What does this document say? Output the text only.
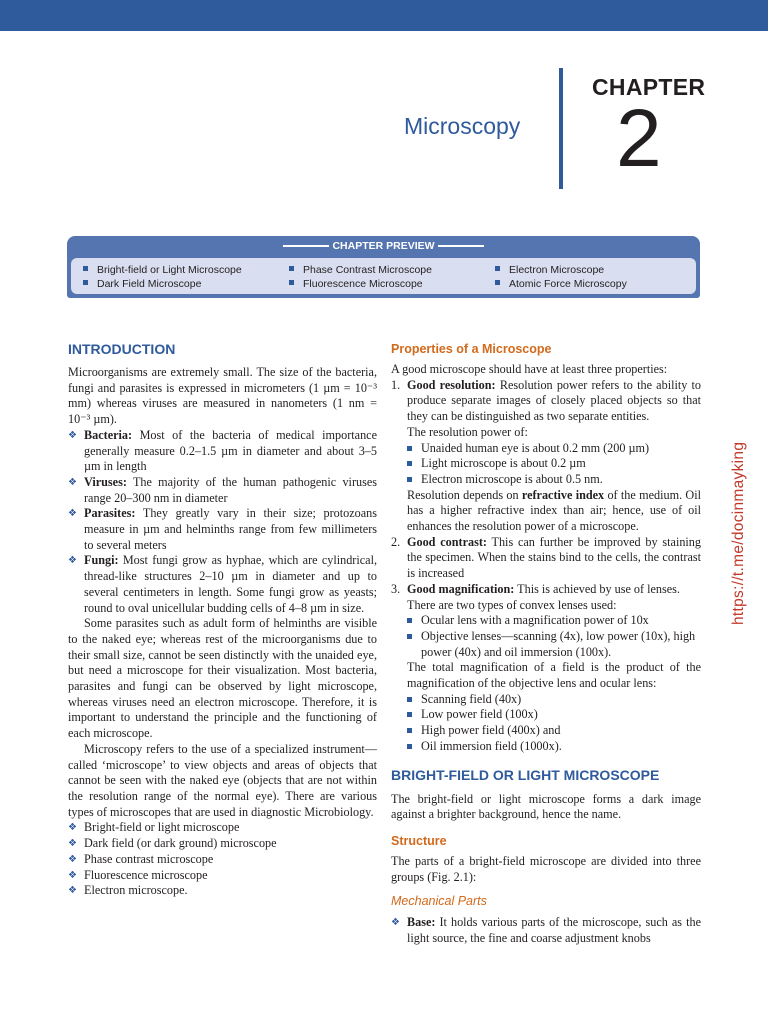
Microscopy
CHAPTER
2
CHAPTER PREVIEW
Bright-field or Light Microscope
Dark Field Microscope
Phase Contrast Microscope
Fluorescence Microscope
Electron Microscope
Atomic Force Microscopy
INTRODUCTION

Microorganisms are extremely small. The size of the bacteria, fungi and parasites is expressed in micrometers (1 µm = 10⁻³ mm) whereas viruses are measured in nanometers (1 nm = 10⁻³ µm).

❖ Bacteria: Most of the bacteria of medical importance generally measure 0.2–1.5 µm in diameter and about 3–5 µm in length

❖ Viruses: The majority of the human pathogenic viruses range 20–300 nm in diameter

❖ Parasites: They greatly vary in their size; protozoans measure in µm and helminths range from few millimeters to several meters

❖ Fungi: Most fungi grow as hyphae, which are cylindrical, thread-like structures 2–10 µm in diameter and up to several centimeters in length. Some fungi grow as yeasts; round to oval unicellular budding cells of 4–8 µm in size.

Some parasites such as adult form of helminths are visible to the naked eye; whereas rest of the microorganisms due to their small size, cannot be seen distinctly with the unaided eye, but need a microscope for their visualization. Most bacteria, parasites and fungi can be observed by light microscope, whereas viruses need an electron microscope. Therefore, it is important to understand the principle and the functioning of each microscope.

Microscopy refers to the use of a specialized instrument—called ‘microscope’ to view objects and areas of objects that cannot be seen with the naked eye (objects that are not within the resolution range of the normal eye). There are various types of microscopes that are used in diagnostic Microbiology.

❖ Bright-field or light microscope

❖ Dark field (or dark ground) microscope

❖ Phase contrast microscope

❖ Fluorescence microscope

❖ Electron microscope.

Properties of a Microscope

A good microscope should have at least three properties:

1. Good resolution: Resolution power refers to the ability to produce separate images of closely placed objects so that they can be distinguished as two separate entities.

The resolution power of:

Unaided human eye is about 0.2 mm (200 µm)

Light microscope is about 0.2 µm

Electron microscope is about 0.5 nm.

Resolution depends on refractive index of the medium. Oil has a higher refractive index than air; hence, use of oil enhances the resolution power of a microscope.

2. Good contrast: This can further be improved by staining the specimen. When the stains bind to the cells, the contrast is increased

3. Good magnification: This is achieved by use of lenses.

There are two types of convex lenses used:

Ocular lens with a magnification power of 10x

Objective lenses—scanning (4x), low power (10x), high power (40x) and oil immersion (100x).

The total magnification of a field is the product of the magnification of the objective lens and ocular lens:

Scanning field (40x)

Low power field (100x)

High power field (400x) and

Oil immersion field (1000x).

BRIGHT-FIELD OR LIGHT MICROSCOPE

The bright-field or light microscope forms a dark image against a brighter background, hence the name.

Structure

The parts of a bright-field microscope are divided into three groups (Fig. 2.1):

Mechanical Parts

❖ Base: It holds various parts of the microscope, such as the light source, the fine and coarse adjustment knobs

https://t.me/docinmayking
